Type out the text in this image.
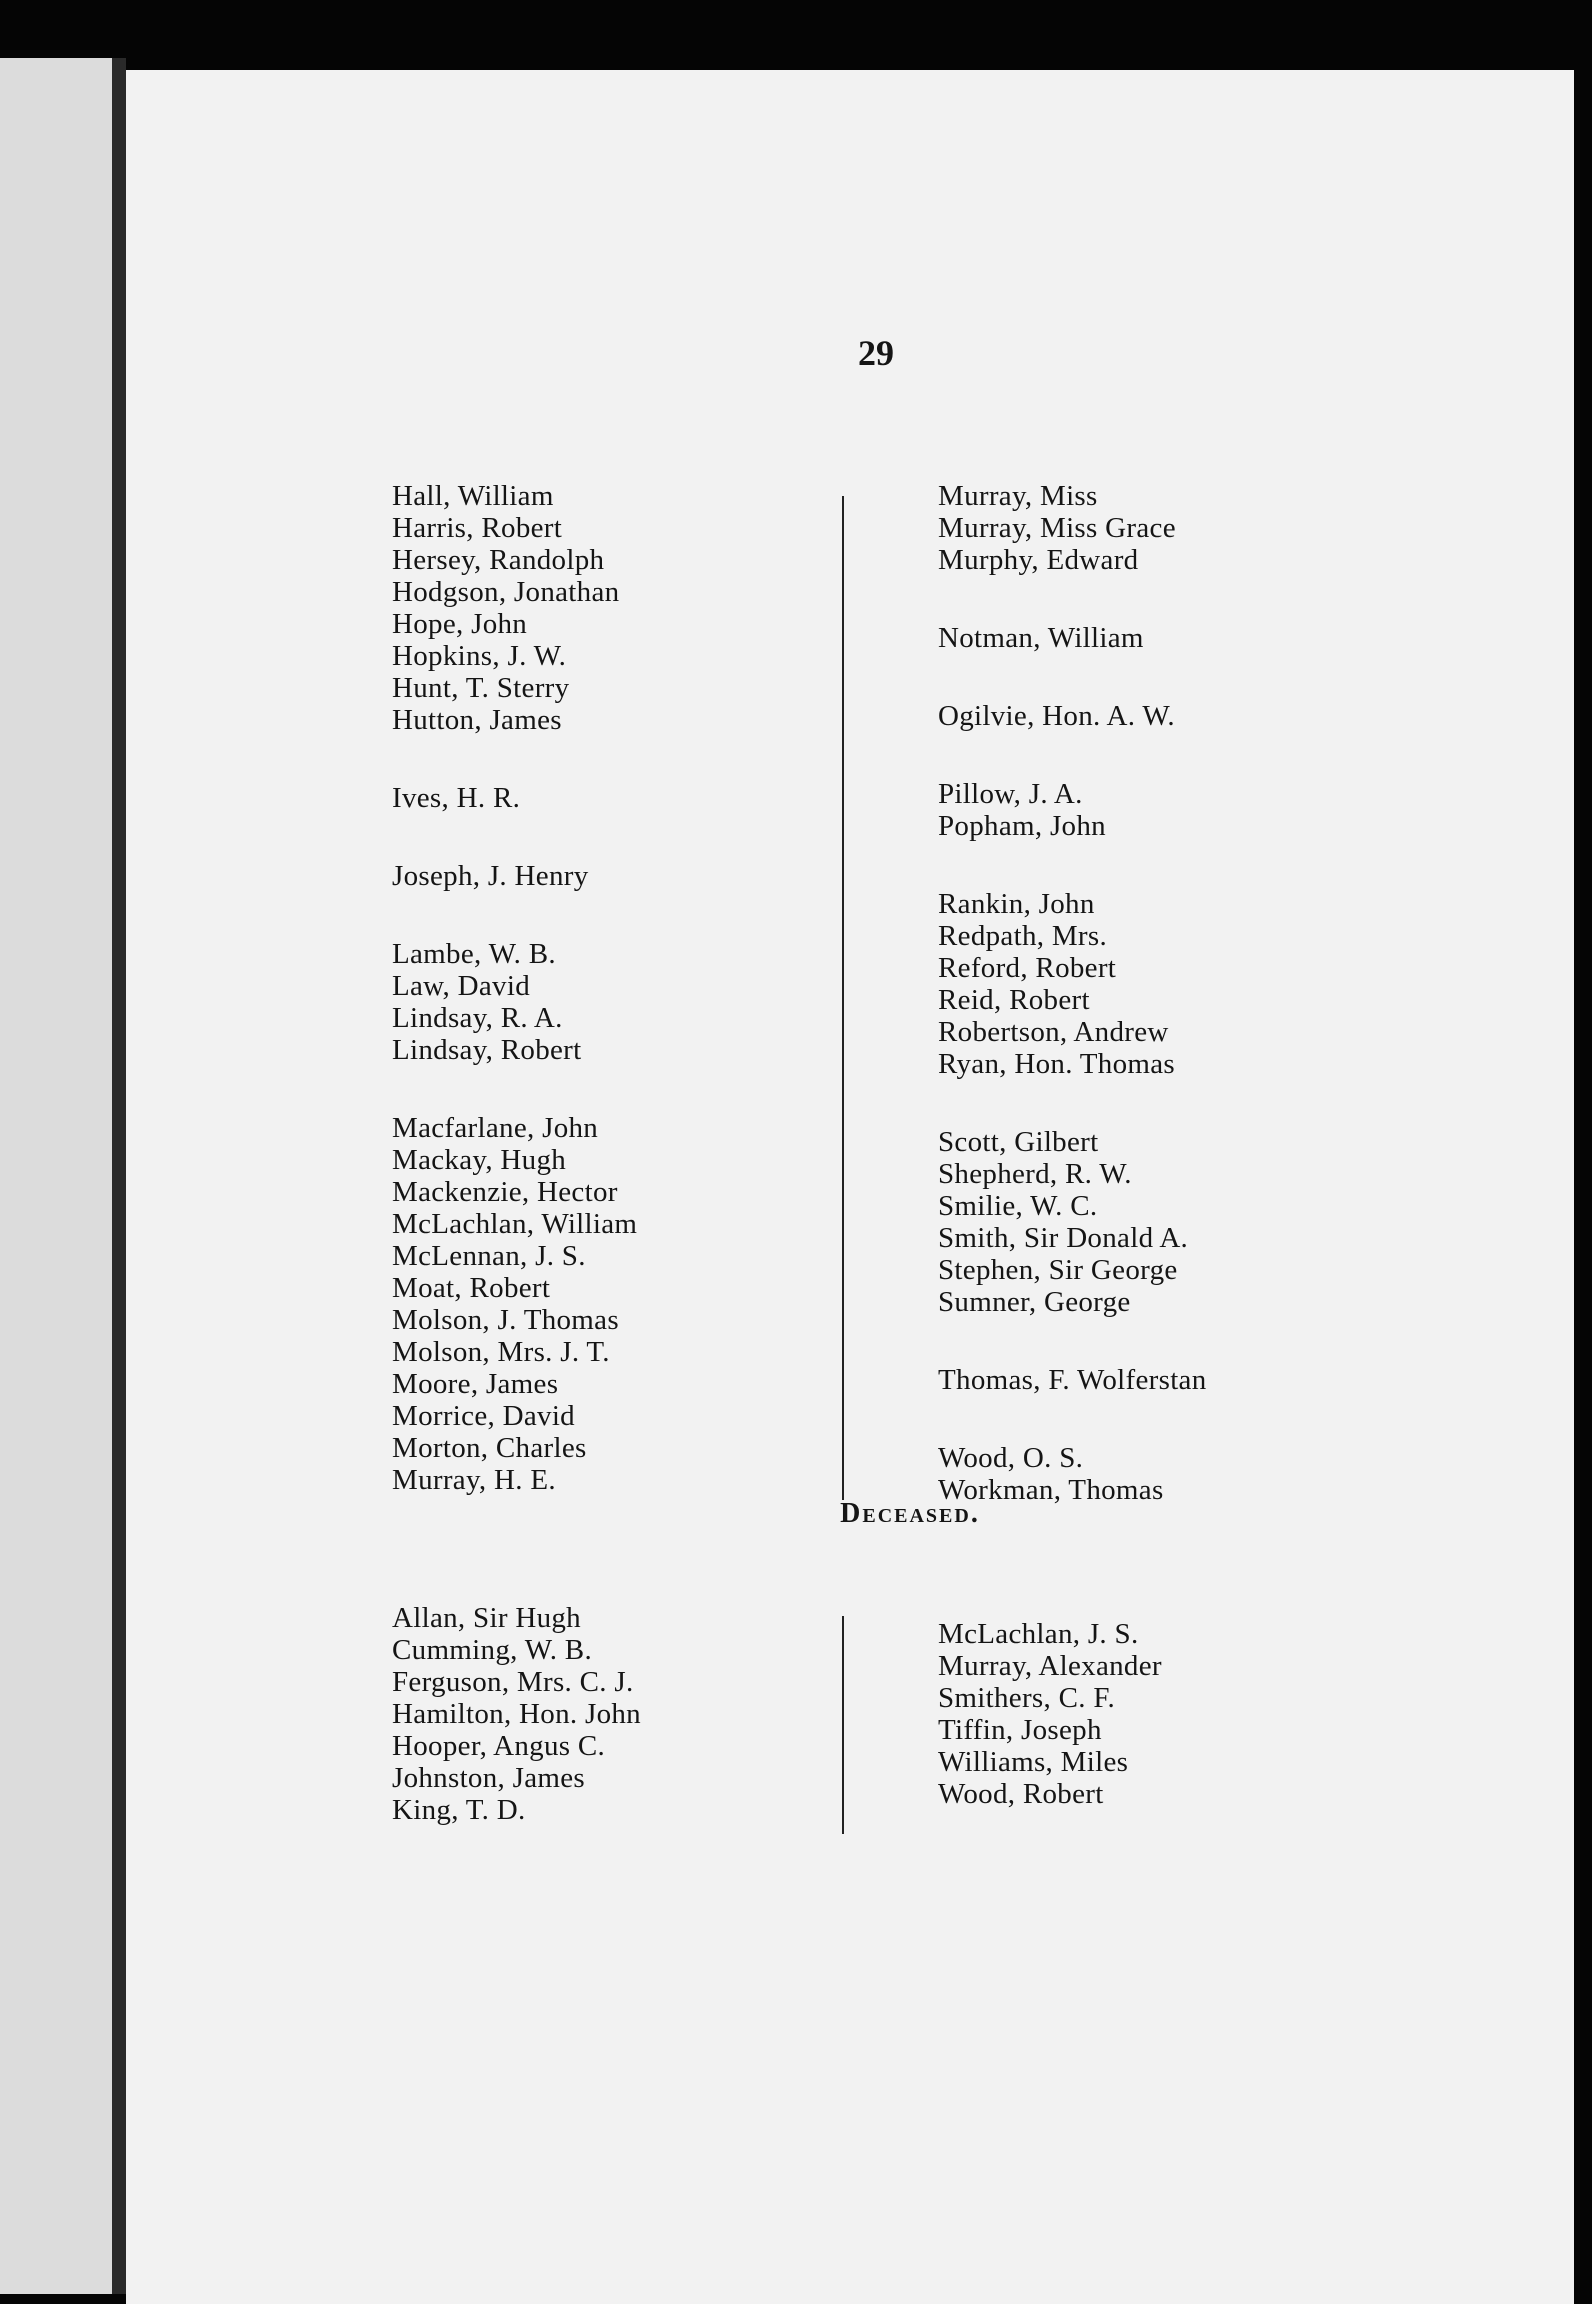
29
Hall, William
Harris, Robert
Hersey, Randolph
Hodgson, Jonathan
Hope, John
Hopkins, J. W.
Hunt, T. Sterry
Hutton, James
Ives, H. R.
Joseph, J. Henry
Lambe, W. B.
Law, David
Lindsay, R. A.
Lindsay, Robert
Macfarlane, John
Mackay, Hugh
Mackenzie, Hector
McLachlan, William
McLennan, J. S.
Moat, Robert
Molson, J. Thomas
Molson, Mrs. J. T.
Moore, James
Morrice, David
Morton, Charles
Murray, H. E.
Murray, Miss
Murray, Miss Grace
Murphy, Edward
Notman, William
Ogilvie, Hon. A. W.
Pillow, J. A.
Popham, John
Rankin, John
Redpath, Mrs.
Reford, Robert
Reid, Robert
Robertson, Andrew
Ryan, Hon. Thomas
Scott, Gilbert
Shepherd, R. W.
Smilie, W. C.
Smith, Sir Donald A.
Stephen, Sir George
Sumner, George
Thomas, F. Wolferstan
Wood, O. S.
Workman, Thomas
Deceased.
Allan, Sir Hugh
Cumming, W. B.
Ferguson, Mrs. C. J.
Hamilton, Hon. John
Hooper, Angus C.
Johnston, James
King, T. D.
McLachlan, J. S.
Murray, Alexander
Smithers, C. F.
Tiffin, Joseph
Williams, Miles
Wood, Robert
